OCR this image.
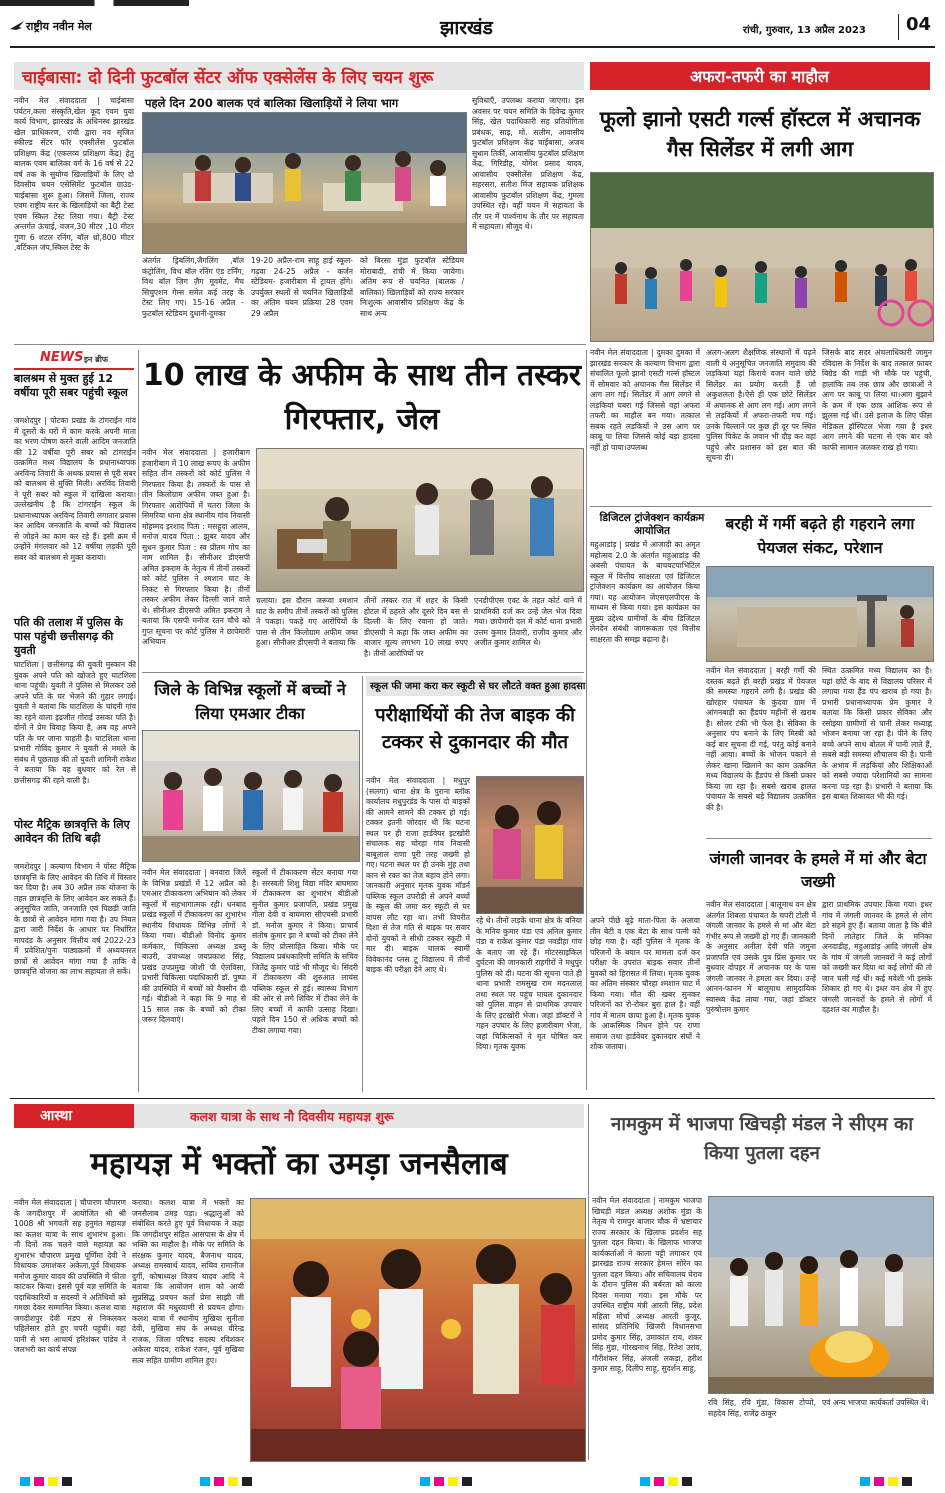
राष्ट्रीय नवीन मेल	झारखंड	रांची, गुरुवार, 13 अप्रैल 2023 04
चाईबासा: दो दिनी फुटबॉल सेंटर ऑफ एक्सेलेंस के लिए चयन शुरू
नवीन मेल संवाददाता | चाईबासा पर्यटन,कला संस्कृति,खेल कूद एवम युवा कार्य विभाग, झारखंड के अधिनस्थ झारखंड खेल प्राधिकरण, रांची द्वारा नव सृजित स्कील्ड सेंटर फॉर एक्सीलेंस फुटबॉल प्रशिक्षण केंद्र (एकलव्य प्रशिक्षण केंद्र) हेतु बालक एवम बालिका वर्ग के 16 वर्ष से 22 वर्ष तक के सुयोग्य खिलाड़ियों के लिए दो दिवसीय चयन एसेसिमेंट फुटबॉल ग्राउंड- चाईबासा शुरू हुआ। जिसमें जिला, राज्य एवम राष्ट्रीय स्तर के खिलाड़ियों का बैट्री टेस्ट एवम स्किल टेस्ट लिया गया। बैट्री टेस्ट अन्तर्गत ऊंचाई, वजन,30 मीटर ,10 मीटर गुणा 6 शटल रनिंग, बॉल थ्रो,800 मीटर ,वर्टिकल जंप,स्किल टेस्ट के
पहले दिन 200 बालक एवं बालिका खिलाड़ियों ने लिया भाग
अंतर्गत ड्रिबलिंग,जैगलिंग ,बॉल कंट्रोलिंग, विथ बॉल रनिंग एंड टर्निंग, विथ बॉल ज़िग ज़ैग मूवमेंट, मैच सिचुएशन गेम्स समेत कई तरह के टेस्ट लिए गए। 15-16 अप्रैल - फुटबॉल स्टेडियम दुधानी-दुमका
19-20 अप्रैल-राम साहू हाई स्कूल- गढ़वा 24-25 अप्रैल - कर्जन स्टेडियम- हजारीबाग में ट्रायल होंगे। उपर्युक्त स्थलों से चयनित खिलाड़ियों का अंतिम चयन प्रक्रिया 28 एवम 29 अप्रैल
को बिरसा मुंडा फुटबॉल स्टेडियम मोराबादी, रांची में किया जायेगा। अंतिम रूप से चयनित (बालक /बालिका) खिलाड़ियों को राज्य सरकार निःशुल्क आवासीय प्रशिक्षण केंद्र के साथ अन्य
सुविधाएँ, उपलब्ध कराया जाएगा। इस अवसर पर चयन समिति के दिवेन्द्र कुमार सिंह, खेल पदाधिकारी सह प्रतियोगिता प्रबंधक, साइ, मो. सलीम, आवासीय फुटबॉल प्रशिक्षण केंद्र चाईबासा, अजय सुधाम तिर्की, आवासीय फुटबॉल प्रशिक्षण केंद्र, गिरिडीह, योगेश प्रसाद यादव, आवासीय एक्सीलेंस प्रशिक्षण केंद्र, सहरसरा, सतीश मिंज सहायक प्रशिक्षक आवासीय फुटबॉल प्रशिक्षण केंद्र, गुमला उपस्थित रहे। वहीं चयन में सहायता के तौर पर में पार्श्वनाथ के तौर पर सहायता में सहायता। मौजूद थे।
अफरा-तफरी का माहौल
फूलो झानो एसटी गर्ल्स हॉस्टल में अचानक गैस सिलेंडर में लगी आग
नवीन मेल संवाददाता | दुमका दुमका में झारखंड सरकार के कल्याण विभाग द्वारा संचालित फूलो झानो एसटी गर्ल्स हॉस्टल में सोमवार को अचानक गैस सिलेंडर में आग लग गई। सिलेंडर में आग लगने से लड़कियां घबरा गई जिससे वहां अफरा तफरी का माहौल बन गया। तत्काल सबक रहते लड़कियों ने उस आग पर काबू पा लिया जिससे कोई बड़ा हादसा नहीं हो पाया।उपलब्ध
अलग-अलग शैक्षणिक संस्थानों में पढ़ने वाली ये अनुसूचित जनजाति समुदाय की लड़कियां यहां किराये वजन वाले छोटे सिलेंडर का प्रयोग करती हैं जो अकुशलता है।ऐसे ही एक छोटे सिलेंडर में अचानक से आग लग गई। आग लगने से लड़कियों में अफरा-तफरी मच गई। उनके चिल्लाने पर कुछ ही दूर पर स्थित पुलिस पिकेट के जवान भी दौड़ कर वहां पहुंचे और प्रशासन को इस बात की सूचना दी।
जिसके बाद सदर अंचलाधिकारी जामुन रविदास के निर्देश के बाद तत्काल फ़ायर बिग्रेड की गाड़ी भी मौके पर पहुंची, हालांकि तब तक छात्र और छात्राओं ने आग पर काबू पा लिया था।आग बुझाने के क्रम में एक छात्र आंशिक रूप से झुलस गई थी। उसे इलाज के लिए फीस़ मेडिकल हॉस्पिटल भेजा गया है इधर आग लगने की घटना से एक बार को काफी सामान जलकर राख हो गया।
डिजिटल ट्रांजेक्शन कार्यक्रम आयोजित
महुआडांड़ | प्रखंड में आजादी का अमृत महोत्सव 2.0 के अंतर्गत महुआडांड़ की अबसी पंचायत के बाचयटपाभिटिल स्कूल में वित्तीय साक्षरता एवं डिजिटल ट्रांजेक्शन कार्यक्रम का आयोजन किया गया। यह आयोजन जेएसएलपीएस के माध्यम से किया गया। इस कार्यक्रम का मुख्य उद्देश्य ग्रामीणों के बीच डिजिटल लेनदेन संबंधी जागरूकता एवं वित्तीय साक्षरता की समझ बढ़ाना है।
बरही में गर्मी बढ़ते ही गहराने लगा पेयजल संकट, परेशान
नवीन मेल संवाददाता | बरही गर्मी की दस्तक बढ़ते ही बरही प्रखंड में पेयजल की समस्या गहराने लगी है। प्रखंड की खोरहार पंचायत के कुंदवा ग्राम में आंगनबाड़ी का हैंडपंप महीनों से खराब है। सोलर टंकी भी फेल है। सेविका के अनुसार पंप बनाने के लिए मिस्त्री को कई बार सूचना दी गई, परंतु कोई बनाने नहीं आया। बच्चों के भोजन पकाने से लेकर खाना खिलाने का काम उत्क्रमित मध्य विद्यालय के हैंडपंप से किसी प्रकार किया जा रहा है। सबसे खराब हालत पंचायत के सबसे बड़े विद्यालय उत्क्रमित की है।
स्थित उत्क्रमित मध्य विद्यालय का है। यहां छोटे के बाद से विद्यालय परिसर में लगाया गया हैंड पंप खराब हो गया है। प्रभारी प्रधानाध्यापक प्रेम कुमार ने बताया कि किसी प्रकार सेविका और रसोइया ग्रामीणों से पानी लेकर मध्याह्न भोजन बनाया जा रहा है। पीने के लिए बच्चे अपने साथ बोतल में पानी लाते हैं, सबसे बड़ी समस्या शौचालय की है। पानी के अभाव में लड़कियां और शिक्षिकाओं को सबसे ज्यादा परेशानियों का सामना करना पड़ रहा है। प्रभारी ने बताया कि इस बाबत शिकायत भी की गई।
NEWS इन ब्रीफ
बालश्रम से मुक्त हुई 12 वर्षीया पूरी सबर पहुंची स्कूल
जमशेदपुर | पोटका प्रखंड के टांगराईन गांव में दूसरों के घरों में काम करके अपनी माता का भरण पोषण करने वाली आदिम जनजाति की 12 वर्षीया पूरी सबर को टांगराईन उत्क्रमित मध्य विद्यालय के प्रधानाध्यापक अरविन्द तिवारी के अथक प्रयास से पूरी सबर को बालश्रम से मुक्ति मिली। अरविंद तिवारी ने पूरी सबर को स्कूल में दाखिला कराया। उल्लेखनीय है कि टांगराईन स्कूल के प्रधानाध्यापक अरविन्द तिवारी लगातार प्रयास कर आदिम जनजाति के बच्चों को विद्यालय से जोड़ने का काम कर रहे हैं। इसी क्रम में उन्होंने मंगलवार को 12 वर्षीया लड़की पूरी सबर को बालश्रम से मुक्त कराया।
पति की तलाश में पुलिस के पास पहुंची छत्तीसगढ़ की युवती
घाटशिला | छत्तीसगढ़ की युवती मुस्कान की युवक अपने पति को खोजते हुए घाटशिला थाना पहुंची। युवती ने पुलिस से मिलकर उसे अपने पति के घर भेजने की गुहार लगाई। युवती ने बताया कि घाटशिला के चांदनी गांव का रहने वाला इंद्रजीत गोराई उसका पति है। दोनों ने प्रेम विवाह किया है, अब वह अपने पति के घर जाना चाहती है। घाटशिला थाना प्रभारी गोविंद कुमार ने युवती से ममले के संबंध में पूछताछ की तो युवती शामिनी राकेश ने बताया कि वह बुधवार को रेल से छत्तीसगढ़ की रहने वाली है।
पोस्ट मैट्रिक छात्रवृत्ति के लिए आवेदन की तिथि बढ़ी
जमशेदपुर | कल्याण विभाग ने पोस्ट मैट्रिक छात्रवृत्ति के लिए आवेदन की तिथि में विस्तार कर दिया है। अब 30 अप्रैल तक योजना के तहत छात्रवृत्ति के लिए आवेदन कर सकते हैं। अनुसूचित जाति, जनजाति एवं पिछड़ी जाति के छात्रों से आवेदन मांगा गया है। उप नियत द्वारा जारी निर्देश के आधार पर निर्धारित मापदंड के अनुसार वित्तीय वर्ष 2022-23 में प्रवेशित/पुनः पाठ्यक्रमों में अध्ययनरत छात्रों से आवेदन मांगा गया है ताकि वे छात्रवृत्ति योजना का लाभ सहायता ले सकें।
10 लाख के अफीम के साथ तीन तस्कर गिरफ्तार, जेल
नवीन मेल संवाददाता | हजारीबाग हजारीबाग में 10 लाख रूपए के अफीम सहित तीन तस्करों को कोर्ट पुलिस ने गिरफ्तार किया है। तस्करों के पास से तीन किलोग्राम अफीम जब्त हुआ है। गिरफ्तार आरोपियों में चतरा जिला के सिमरिया थाना क्षेत्र स्थानीय गांव निवासी मोहम्मद इरशाद पिता : मसहूदा आलम, मनोज यादव पिता : झुबर यादव और सुधन कुमार पिता : स्व प्रीतम गोप का नाम शामिल है। सीनीअर डीएसपी अमित इकराम के नेतृत्व में तीनों तस्करों को कोर्ट पुलिस ने श्मशान घाट के निकट से गिरफ्तार किया है। तीनों तस्कर अफीम लेकर दिल्ली जाने वाले थे। सीनीअर डीएसपी अमित इकराम ने बताया कि एसपी मनोज रतन चौथे को गुप्त सूचना पर कोर्ट पुलिस ने छापेमारी अभियान
चलाया। इस दौरान जरूवा श्मशान घाट के समीप तीनों तस्करों को पुलिस ने पकड़ा। पकड़े गए आरोपियों के पास से तीन किलोग्राम अफीम जब्त हुआ। सीनीअर डीएसपी ने बताया कि
तीनों तस्कर रात में शहर के किसी होटल में ठहरते और दूसरे दिन बस से दिल्ली के लिए रवाना हो जाते। डीएसपी ने कहा कि जब्त अफीम का बाजार मूल्य लगभग 10 लाख रुपए है। तीनों आरोपियों पर
एनडीपीएस एक्ट के तहत कोर्ट थाने में प्राथमिकी दर्ज कर उन्हें जेल भेज दिया गया। छापेमारी दल में कोर्ट थाना प्रभारी उत्तम कुमार तिवारी, राजीव कुमार और अजीत कुमार शामिल थे।
जिले के विभिन्न स्कूलों में बच्चों ने लिया एमआर टीका
नवीन मेल संवाददाता | बनवारा जिले के विभिन्न प्रखंडों में 12 अप्रैल को एमआर टीकाकरण अभियान को लेकर स्कूलों में सहभागात्मक रही। धनबाद प्रखंड स्कूलों में टीकाकरण का शुभारंभ स्थानीय विधायक विभिन्न लोगों ने किया गया। बीडीओ विनोद कुमार कर्मकार, चिकित्सा अध्यक्ष डब्लू बाउरी, उपाध्यक्ष जयप्रकाश सिंह, प्रखंड उपप्रमुख जोशी पी ऐलविसा, प्रभारी चिकित्सा पदाधिकारी डॉ. पुष्पा की उपस्थिति में बच्चों को वैक्सीन दी गई। बीडीओ ने कहा कि 9 माह से 15 साल तक के बच्चों को टीका जरूर दिलवाएं।
स्कूलों में टीकाकरण सेंटर बनाया गया है। सरस्वती शिशु विद्या मंदिर बाघमारा में टीकाकरण का शुभारंभ बीडीओ सुनील कुमार प्रजापति, प्रखंड प्रमुख गीता देवी व बाघमारा सीएचसी प्रभारी डॉ. मनोज कुमार ने किया। प्राचार्य संतोष कुमार झा ने बच्चों को टीका लेने के लिए प्रोत्साहित किया। मौके पर विद्यालय प्रबंधकारिणी समिति के सचिव जितेंद्र कुमार पांडे भी मौजूद थे। सिंदरी में टीकाकरण की शुरुआत लायंस पब्लिक स्कूल से हुई। स्वास्थ्य विभाग की ओर से लगे शिविर में टीका लेने के लिए बच्चों में काफी उत्साह दिखा। पहले दिन 150 से अधिक बच्चों को टीका लगाया गया।
स्कूल फी जमा करा कर स्कूटी से घर लौटते वक्त हुआ हादसा
परीक्षार्थियों की तेज बाइक की टक्कर से दुकानदार की मौत
नवीन मेल संवाददाता | मधुपुर (सलगा) थाना क्षेत्र के पुराना ब्लॉक कार्यालय मधुपुरडंड के पास दो बाइकों की आमने सामने की टक्कर हो गई। टक्कर इतनी जोरदार थी कि घटना स्थल पर ही राजा हार्डवेयर इटखोरी संचालक सह चोरहा गांव निवासी बाबूलाल राणा पूरी तरह जख्मी हो गए। घटना स्थल पर ही उनके मुंह तथा कान से रक्त का तेज बहाव होने लगा। जानकारी अनुसार मृतक युवक मॉडर्न पब्लिक स्कूल उपरोडी से अपने बच्चों के स्कूल की जमा कर स्कूटी से घर वापस लौट रहा था। तभी विपरीत दिशा से तेज गति से बाइक पर सवार दोनों युवकों ने सीधी टक्कर स्कूटी में मार दी। बाइक चालक स्वामी विवेकानंद प्लस टू विद्यालय में तीनों बाइक की परीक्षा देने आए थे।
रहे थे। तीनों लड़के थाना क्षेत्र के बनिया के मनिय कुमार पंडा एवं अनिल कुमार पंडा व राकेश कुमार पंडा नवडीहा गांव के बताए जा रहे हैं। मोटरसाइकिल दुर्घटना की जानकारी राहगीरों ने मधुपुर पुलिस को दी। घटना की सूचना पाते ही थाना प्रभारी रामसुख राम मदनलाल तथा स्थल पर पहुंच घायल दुकानदार को पुलिस वाहन से प्राथमिक उपचार के लिए इटखोरी भेजा। जहां डॉक्टरों ने गहन उपचार के लिए हजारीबाग भेजा, जहां चिकित्सकों ने मृत घोषित कर दिया। मृतक युवक
अपने पीछे बूढ़े माता-पिता के अलावा तीन बेटी व एक बेटा के साथ पत्नी को छोड़ गया है। वहीं पुलिस ने मृतक के परिजनों के बयान पर मामला दर्ज कर परीक्षा के उपरांत बाइक सवार तीनों युवकों को हिरासत में लिया। मृतक युवक का अंतिम संस्कार चौरहा श्मशान घाट में किया गया। मौत की खबर सुनकर परिजनों का रो-रोकर बुरा हाल है। वहीं गांव में मातम छाया हुआ है। मृतक युवक के आकस्मिक निधन होने पर राणा समाज तथा हार्डवेयर दुकानदार संघों ने शोक जताया।
जंगली जानवर के हमले में मां और बेटा जख्मी
नवीन मेल संवाददाता | बालूमाथ वन क्षेत्र अंतर्गत शिबला पंचायत के चपरी टोली में जंगली जानवर के हमले से मां और बेटा गंभीर रूप से जख्मी हो गए हैं। जानकारी के अनुसार अनीता देवी पति जमुना प्रजापति एवं उसके पुत्र प्रिंस कुमार पर बुधवार दोपहर में अचानक घर के पास जंगली जानवर ने हमला कर दिया। उन्हें आनन-फानन में बालूमाथ सामुदायिक स्वास्थ्य केंद्र लाया गया, जहां डॉक्टर पुरुषोत्तम कुमार
द्वारा प्राथमिक उपचार किया गया। इधर गांव में जंगली जानवर के हमले से लोग डरे सहमे हुए हैं। बताया जाता है कि बीते दिनों लातेहार जिले के मनिका अनदाडीह, महुआडांड़ आदि जंगली क्षेत्र के गांव में जंगली जानवरों ने कई लोगों को जख्मी कर दिया था कई लोगों की तो जान चली गई थी। कई मवेशी भी इसके शिकार हो गए थे। इधर वन क्षेत्र में हुए जंगली जानवरों के हमले से लोगों में दहशत का माहौल है।
आस्था	कलश यात्रा के साथ नौ दिवसीय महायज्ञ शुरू
महायज्ञ में भक्तों का उमड़ा जनसैलाब
नवीन मेल संवाददाता | चौपारण चौपारण के जगदीशपुर में आयोजित श्री श्री 1008 श्री भगवती सह हनुमंत महायज्ञ का कलश यात्रा के साथ शुभारंभ हुआ। नौ दिनों तक चलने वाले महायज्ञ का शुभारंभ चौपारण प्रमुख पूर्णिमा देवी ने विधायक उमाशंकर अकेला,पूर्व विधायक मनोज कुमार यादव की उपस्थिति में फीता काटकर किया। इससे पूर्व यज्ञ समिति के पदाधिकारियों व सदस्यों ने अतिथियों को गमछा देकर सम्मानित किया। कलश यात्रा जगदीशपुर देवी मंडप से निकलकर पहिलेसार होते हुए चपरी पहुंची। वहां पानी से भरा आचार्य हरिशंकर पांडेय ने जलभरी का कार्य संपन्न
कराया। कलश यात्रा में भक्तों का जनसैलाब उमड़ पड़ा। श्रद्धालुओं को संबोधित करते हुए पूर्व विधायक ने कहा कि जगदीशपुर सहित आसपास के क्षेत्र में भक्ति का माहौल है। मौके पर समिति के संरक्षक कुमार यादव, बैजनाथ यादव, अध्यक्ष रामस्वार्थ यादव, सचिव रामानीज दुर्गी, कोषाध्यक्ष विजय यादव आदि ने बताया कि आयोजन शाम को आयी सुप्रसिद्ध प्रवचन कर्ता प्रेमा साझी जी महाराज की मधुरवाणी से प्रवचन होगा। कलश यात्रा में स्थानीय मुखिया सुनीता देवी, मुखिया संघ के अध्यक्ष वीरेन्द्र राजक, जिला परिषद सदस्य रविशंकर अकेला यादव, राकेश रंजन, पूर्व मुखिया सत्य सहित ग्रामीण शामिल हुए।
नामकुम में भाजपा खिचड़ी मंडल ने सीएम का किया पुतला दहन
नवीन मेल संवाददाता | नामकुम भाजपा खिचड़ी मंडल अध्यक्ष अशोक मुंडा के नेतृत्व मे रामपुर बाजार चौक में भ्रष्टाचार राज्य सरकार के खिलाफ प्रदर्शन सह पुतला दहन किया। के खिलाफ भाजपा कार्यकर्ताओं ने काला पट्टी लगाकर एवं झारखंड राज्य सरकार हेमन्त सोरेन का पुतला दहन किया। और सचिवालय घेराव के दौरान पुलिस की बर्बरता को काला दिवस मनाया गया। इस मौके पर उपस्थित राष्ट्रीय मंत्री आरती सिंह, प्रदेश महिला मोर्चा अध्यक्ष आरती कुजूर, सांसद प्रतिनिधि खिजरी विधानसभा प्रमोद कुमार सिंह, उमाकांत राय, शंकर सिंह मुंडा, गोरखनाथ सिंह, रितेश उरांव, गौरीशंकर सिंह, अंजली लकड़ा, हरीश कुमार साहू, दिलीप साहू, सुदर्शन साहू,
रवि सिंह, रवि मुंडा, विकास टोप्पो, सहदेव सिंह, राजेंद्र ठाकुर
एवं अन्य भाजपा कार्यकर्ता उपस्थित थे।
